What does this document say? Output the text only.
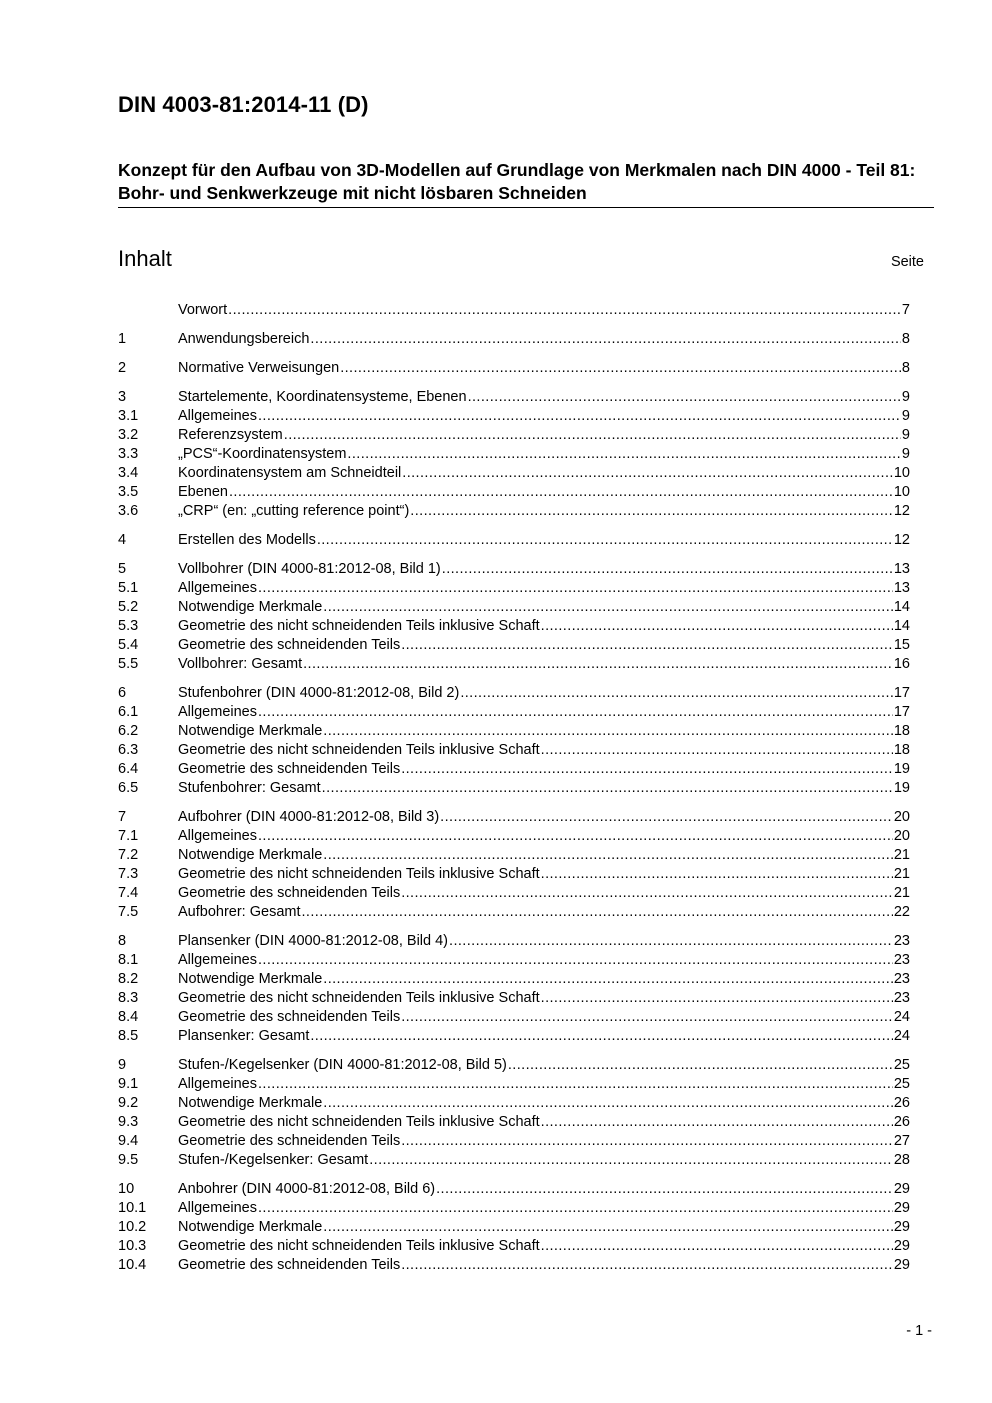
DIN 4003-81:2014-11 (D)
Konzept für den Aufbau von 3D-Modellen auf Grundlage von Merkmalen nach DIN 4000 - Teil 81: Bohr- und Senkwerkzeuge mit nicht lösbaren Schneiden
Inhalt	Seite
Vorwort .....	7
1	Anwendungsbereich .....	8
2	Normative Verweisungen .....	8
3	Startelemente, Koordinatensysteme, Ebenen .....	9
3.1	Allgemeines .....	9
3.2	Referenzsystem .....	9
3.3	„PCS“-Koordinatensystem .....	9
3.4	Koordinatensystem am Schneidteil .....	10
3.5	Ebenen .....	10
3.6	„CRP“ (en: „cutting reference point“) .....	12
4	Erstellen des Modells .....	12
5	Vollbohrer (DIN 4000-81:2012-08, Bild 1) .....	13
5.1	Allgemeines .....	13
5.2	Notwendige Merkmale .....	14
5.3	Geometrie des nicht schneidenden Teils inklusive Schaft .....	14
5.4	Geometrie des schneidenden Teils .....	15
5.5	Vollbohrer: Gesamt .....	16
6	Stufenbohrer (DIN 4000-81:2012-08, Bild 2) .....	17
6.1	Allgemeines .....	17
6.2	Notwendige Merkmale .....	18
6.3	Geometrie des nicht schneidenden Teils inklusive Schaft .....	18
6.4	Geometrie des schneidenden Teils .....	19
6.5	Stufenbohrer: Gesamt .....	19
7	Aufbohrer (DIN 4000-81:2012-08, Bild 3) .....	20
7.1	Allgemeines .....	20
7.2	Notwendige Merkmale .....	21
7.3	Geometrie des nicht schneidenden Teils inklusive Schaft .....	21
7.4	Geometrie des schneidenden Teils .....	21
7.5	Aufbohrer: Gesamt .....	22
8	Plansenker (DIN 4000-81:2012-08, Bild 4) .....	23
8.1	Allgemeines .....	23
8.2	Notwendige Merkmale .....	23
8.3	Geometrie des nicht schneidenden Teils inklusive Schaft .....	23
8.4	Geometrie des schneidenden Teils .....	24
8.5	Plansenker: Gesamt .....	24
9	Stufen-/Kegelsenker (DIN 4000-81:2012-08, Bild 5) .....	25
9.1	Allgemeines .....	25
9.2	Notwendige Merkmale .....	26
9.3	Geometrie des nicht schneidenden Teils inklusive Schaft .....	26
9.4	Geometrie des schneidenden Teils .....	27
9.5	Stufen-/Kegelsenker: Gesamt .....	28
10	Anbohrer (DIN 4000-81:2012-08, Bild 6) .....	29
10.1	Allgemeines .....	29
10.2	Notwendige Merkmale .....	29
10.3	Geometrie des nicht schneidenden Teils inklusive Schaft .....	29
10.4	Geometrie des schneidenden Teils .....	29
- 1 -
